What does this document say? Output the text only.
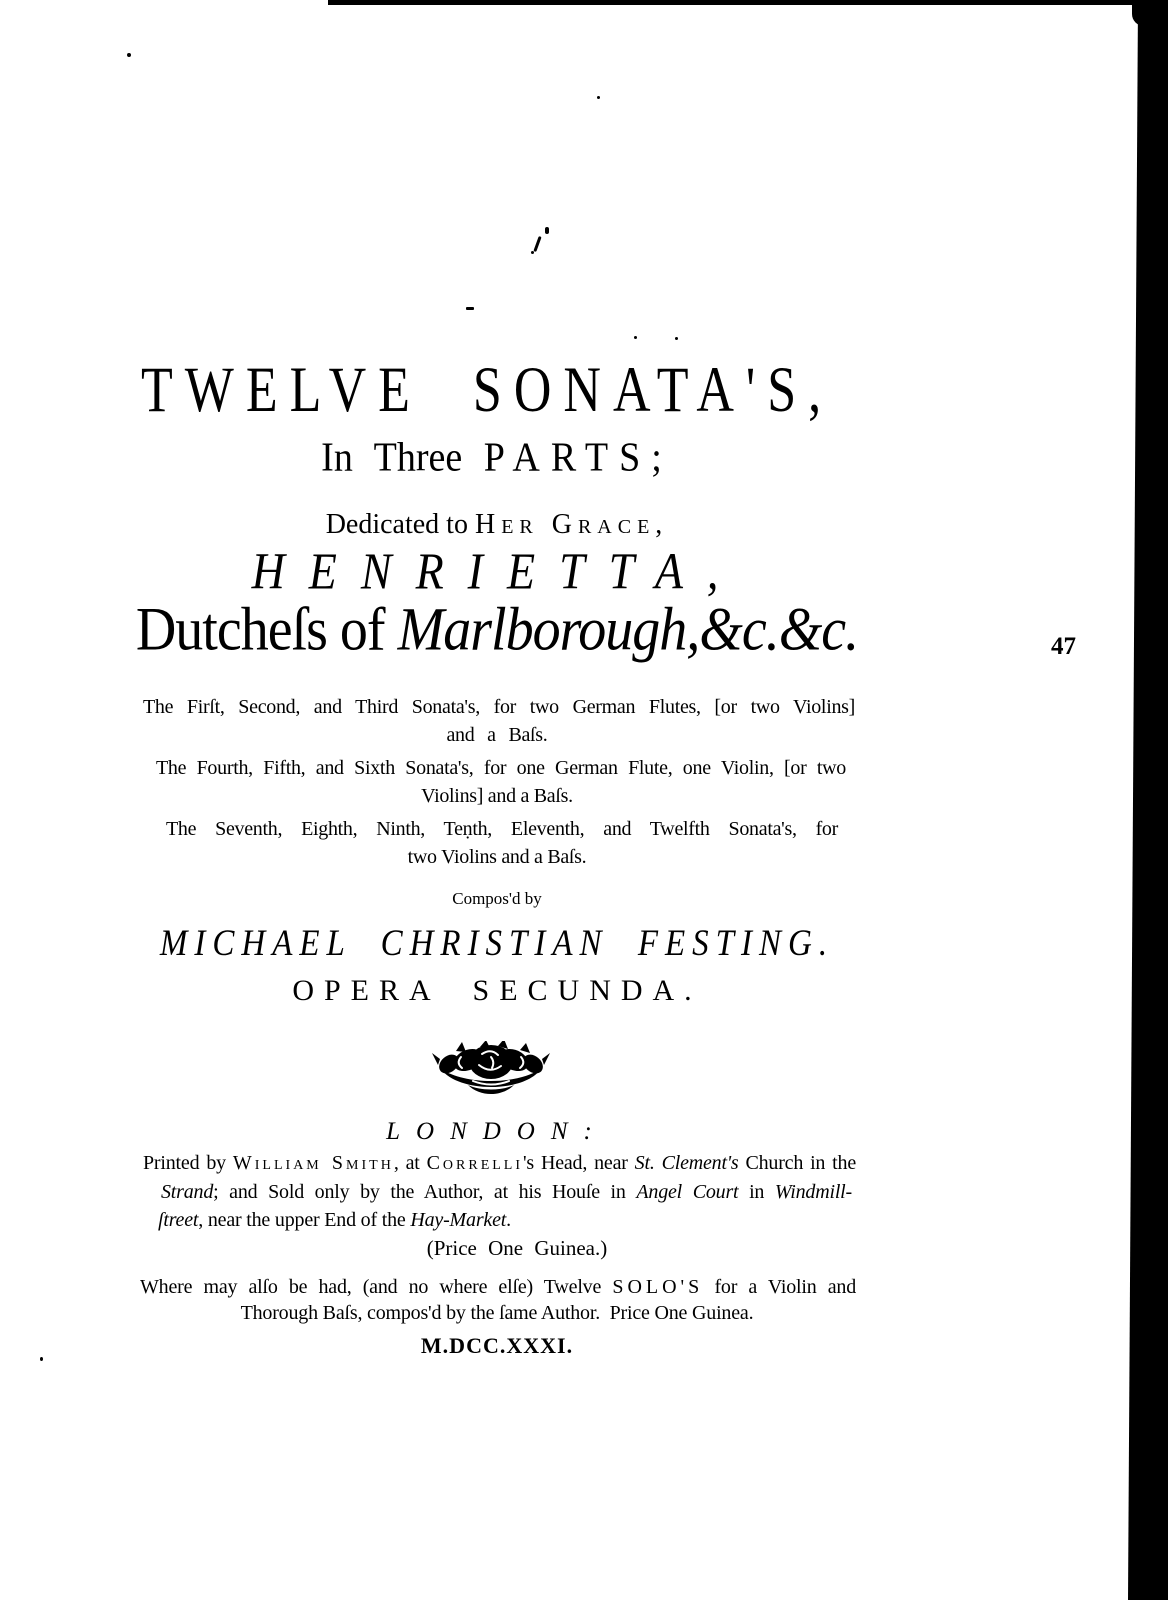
47
TWELVE SONATA'S,
In Three PARTS;
Dedicated to Her Grace,
HENRIETTA,
Dutcheſs of Marlborough,&c.&c.
The Firſt, Second, and Third Sonata's, for two German Flutes, [or two Violins]
and a Baſs.
The Fourth, Fifth, and Sixth Sonata's, for one German Flute, one Violin, [or two
Violins] and a Baſs.
The Seventh, Eighth, Ninth, Teṇth, Eleventh, and Twelfth Sonata's, for
two Violins and a Baſs.
Compos'd by
MICHAEL CHRISTIAN FESTING.
OPERA SECUNDA.
LONDON:
Printed by William Smith, at Correlli's Head, near St. Clement's Church in the
Strand; and Sold only by the Author, at his Houſe in Angel Court in Windmill-
ſtreet, near the upper End of the Hay-Market.
(Price One Guinea.)
Where may alſo be had, (and no where elſe) Twelve SOLO'S for a Violin and
Thorough Baſs, compos'd by the ſame Author.  Price One Guinea.
M.DCC.XXXI.
